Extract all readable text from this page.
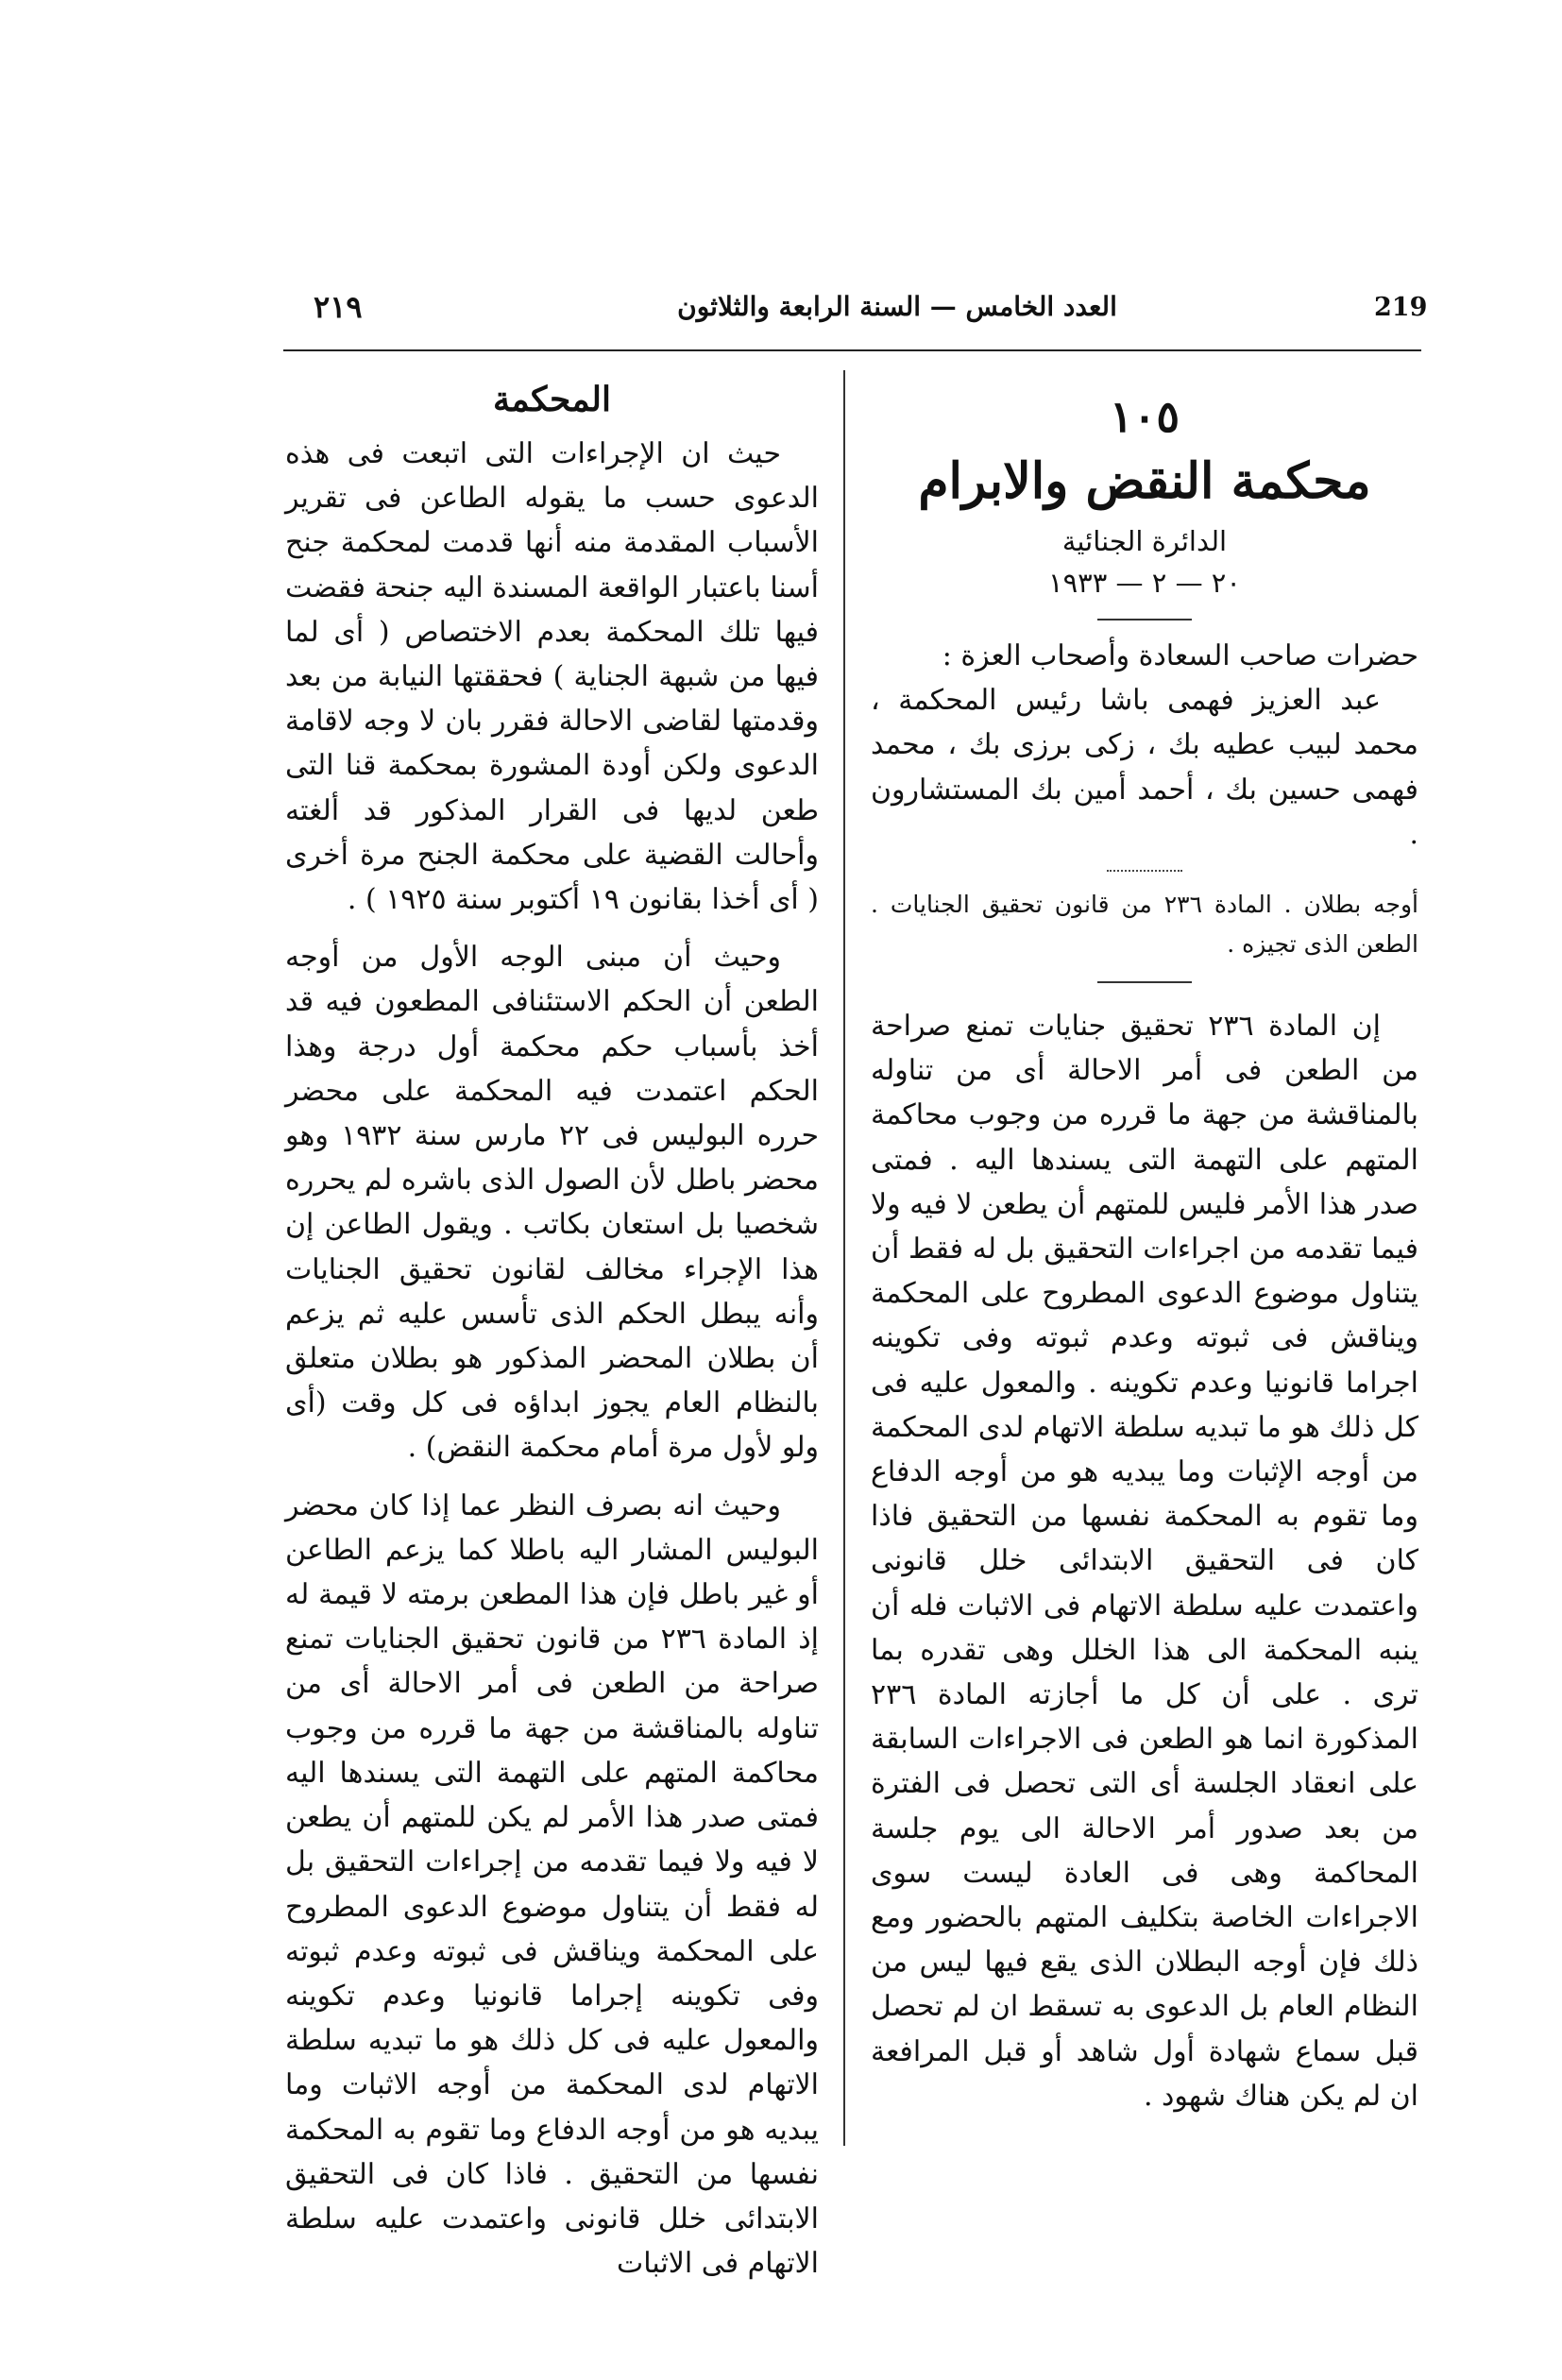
219
العدد الخامس — السنة الرابعة والثلاثون
٢١٩
١٠٥
محكمة النقض والابرام
الدائرة الجنائية
٢٠ — ٢ — ١٩٣٣

حضرات صاحب السعادة وأصحاب العزة :

عبد العزيز فهمى باشا رئيس المحكمة ، محمد لبيب عطيه بك ، زكى برزى بك ، محمد فهمى حسين بك ، أحمد أمين بك المستشارون .

أوجه بطلان . المادة ٢٣٦ من قانون تحقيق الجنايات . الطعن الذى تجيزه .

إن المادة ٢٣٦ تحقيق جنايات تمنع صراحة من الطعن فى أمر الاحالة أى من تناوله بالمناقشة من جهة ما قرره من وجوب محاكمة المتهم على التهمة التى يسندها اليه . فمتى صدر هذا الأمر فليس للمتهم أن يطعن لا فيه ولا فيما تقدمه من اجراءات التحقيق بل له فقط أن يتناول موضوع الدعوى المطروح على المحكمة ويناقش فى ثبوته وعدم ثبوته وفى تكوينه اجراما قانونيا وعدم تكوينه . والمعول عليه فى كل ذلك هو ما تبديه سلطة الاتهام لدى المحكمة من أوجه الإثبات وما يبديه هو من أوجه الدفاع وما تقوم به المحكمة نفسها من التحقيق فاذا كان فى التحقيق الابتدائى خلل قانونى واعتمدت عليه سلطة الاتهام فى الاثبات فله أن ينبه المحكمة الى هذا الخلل وهى تقدره بما ترى . على أن كل ما أجازته المادة ٢٣٦ المذكورة انما هو الطعن فى الاجراءات السابقة على انعقاد الجلسة أى التى تحصل فى الفترة من بعد صدور أمر الاحالة الى يوم جلسة المحاكمة وهى فى العادة ليست سوى الاجراءات الخاصة بتكليف المتهم بالحضور ومع ذلك فإن أوجه البطلان الذى يقع فيها ليس من النظام العام بل الدعوى به تسقط ان لم تحصل قبل سماع شهادة أول شاهد أو قبل المرافعة ان لم يكن هناك شهود .

المحكمة

حيث ان الإجراءات التى اتبعت فى هذه الدعوى حسب ما يقوله الطاعن فى تقرير الأسباب المقدمة منه أنها قدمت لمحكمة جنح أسنا باعتبار الواقعة المسندة اليه جنحة فقضت فيها تلك المحكمة بعدم الاختصاص ( أى لما فيها من شبهة الجناية ) فحققتها النيابة من بعد وقدمتها لقاضى الاحالة فقرر بان لا وجه لاقامة الدعوى ولكن أودة المشورة بمحكمة قنا التى طعن لديها فى القرار المذكور قد ألغته وأحالت القضية على محكمة الجنح مرة أخرى ( أى أخذا بقانون ١٩ أكتوبر سنة ١٩٢٥ ) .

وحيث أن مبنى الوجه الأول من أوجه الطعن أن الحكم الاستئنافى المطعون فيه قد أخذ بأسباب حكم محكمة أول درجة وهذا الحكم اعتمدت فيه المحكمة على محضر حرره البوليس فى ٢٢ مارس سنة ١٩٣٢ وهو محضر باطل لأن الصول الذى باشره لم يحرره شخصيا بل استعان بكاتب . ويقول الطاعن إن هذا الإجراء مخالف لقانون تحقيق الجنايات وأنه يبطل الحكم الذى تأسس عليه ثم يزعم أن بطلان المحضر المذكور هو بطلان متعلق بالنظام العام يجوز ابداؤه فى كل وقت (أى ولو لأول مرة أمام محكمة النقض) .

وحيث انه بصرف النظر عما إذا كان محضر البوليس المشار اليه باطلا كما يزعم الطاعن أو غير باطل فإن هذا المطعن برمته لا قيمة له إذ المادة ٢٣٦ من قانون تحقيق الجنايات تمنع صراحة من الطعن فى أمر الاحالة أى من تناوله بالمناقشة من جهة ما قرره من وجوب محاكمة المتهم على التهمة التى يسندها اليه فمتى صدر هذا الأمر لم يكن للمتهم أن يطعن لا فيه ولا فيما تقدمه من إجراءات التحقيق بل له فقط أن يتناول موضوع الدعوى المطروح على المحكمة ويناقش فى ثبوته وعدم ثبوته وفى تكوينه إجراما قانونيا وعدم تكوينه والمعول عليه فى كل ذلك هو ما تبديه سلطة الاتهام لدى المحكمة من أوجه الاثبات وما يبديه هو من أوجه الدفاع وما تقوم به المحكمة نفسها من التحقيق . فاذا كان فى التحقيق الابتدائى خلل قانونى واعتمدت عليه سلطة الاتهام فى الاثبات
